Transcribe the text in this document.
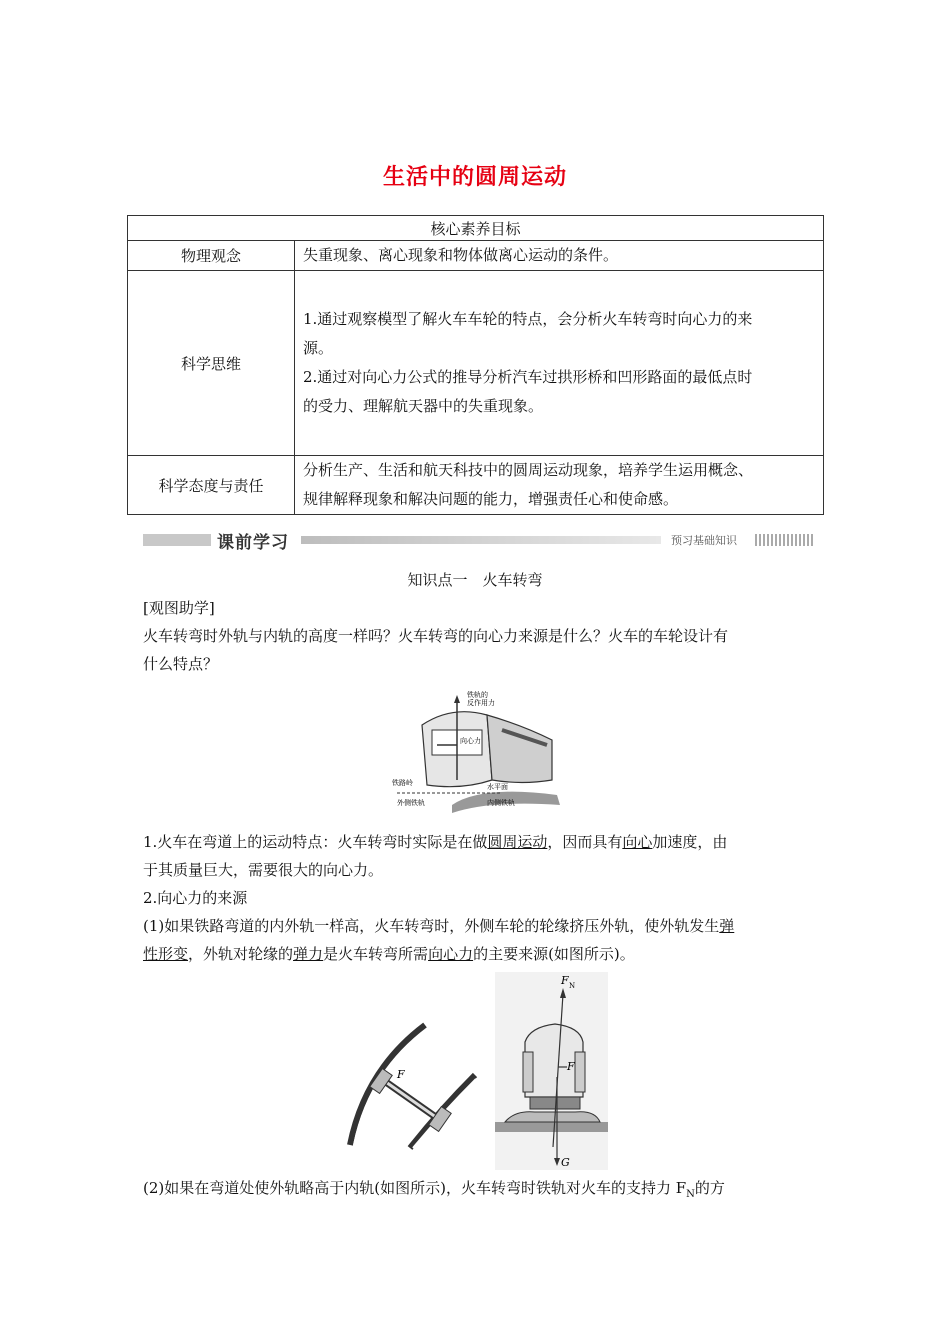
生活中的圆周运动
核心素养目标	
物理观念	失重现象、离心现象和物体做离心运动的条件。

科学思维	1.通过观察模型了解火车车轮的特点，会分析火车转弯时向心力的来
源。
2.通过对向心力公式的推导分析汽车过拱形桥和凹形路面的最低点时
的受力、理解航天器中的失重现象。

科学态度与责任	分析生产、生活和航天科技中的圆周运动现象，培养学生运用概念、
规律解释现象和解决问题的能力，增强责任心和使命感。
课前学习	预习基础知识
知识点一　火车转弯
[观图助学]
火车转弯时外轨与内轨的高度一样吗？火车转弯的向心力来源是什么？火车的车轮设计有
什么特点？
铁轨的
反作用力
向心力
铁路岭	水平面
外侧铁轨	内侧铁轨
1.火车在弯道上的运动特点：火车转弯时实际是在做圆周运动，因而具有向心加速度，由
于其质量巨大，需要很大的向心力。
2.向心力的来源
(1)如果铁路弯道的内外轨一样高，火车转弯时，外侧车轮的轮缘挤压外轨，使外轨发生弹
性形变，外轨对轮缘的弹力是火车转弯所需向心力的主要来源(如图所示)。
F
F N
F
G
(2)如果在弯道处使外轨略高于内轨(如图所示)，火车转弯时铁轨对火车的支持力 $F_N$的方
